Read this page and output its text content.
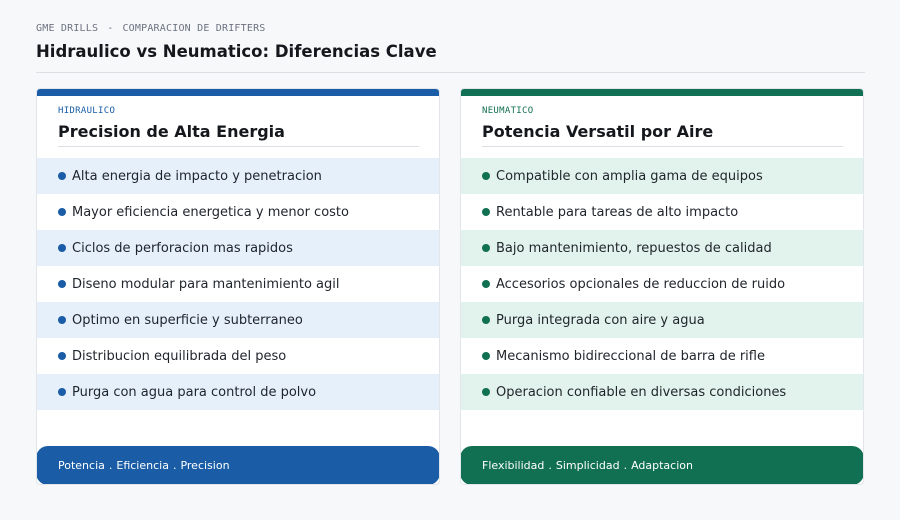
GME DRILLS - COMPARACION DE DRIFTERS
Hidraulico vs Neumatico: Diferencias Clave
HIDRAULICO
Precision de Alta Energia
Alta energia de impacto y penetracion
Mayor eficiencia energetica y menor costo
Ciclos de perforacion mas rapidos
Diseno modular para mantenimiento agil
Optimo en superficie y subterraneo
Distribucion equilibrada del peso
Purga con agua para control de polvo
Potencia . Eficiencia . Precision
NEUMATICO
Potencia Versatil por Aire
Compatible con amplia gama de equipos
Rentable para tareas de alto impacto
Bajo mantenimiento, repuestos de calidad
Accesorios opcionales de reduccion de ruido
Purga integrada con aire y agua
Mecanismo bidireccional de barra de rifle
Operacion confiable en diversas condiciones
Flexibilidad . Simplicidad . Adaptacion
